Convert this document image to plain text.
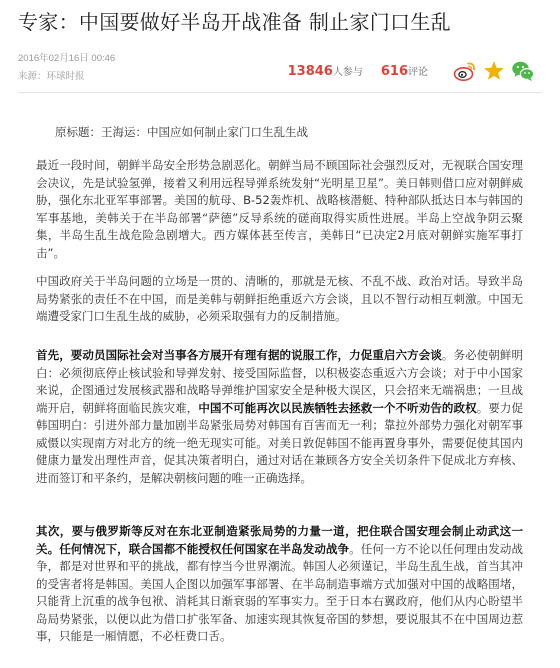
专家：中国要做好半岛开战准备 制止家门口生乱
2016年02月16日 00:46
来源：环球时报	13846人参与 616评论
原标题：王海运：中国应如何制止家门口生乱生战

最近一段时间，朝鲜半岛安全形势急剧恶化。朝鲜当局不顾国际社会强烈反对，无视联合国安理会决议，先是试验氢弹，接着又利用远程导弹系统发射“光明星卫星”。美日韩则借口应对朝鲜威胁，强化东北亚军事部署。美国的航母、B-52轰炸机、战略核潜艇、特种部队抵达日本与韩国的军事基地，美韩关于在半岛部署“萨德”反导系统的磋商取得实质性进展。半岛上空战争阴云聚集，半岛生乱生战危险急剧增大。西方媒体甚至传言，美韩日“已决定2月底对朝鲜实施军事打击”。

中国政府关于半岛问题的立场是一贯的、清晰的，那就是无核、不乱不战、政治对话。导致半岛局势紧张的责任不在中国，而是美韩与朝鲜拒绝重返六方会谈，且以不智行动相互刺激。中国无端遭受家门口生乱生战的威胁，必须采取强有力的反制措施。

首先，要动员国际社会对当事各方展开有理有据的说服工作，力促重启六方会谈。务必使朝鲜明白：必须彻底停止核试验和导弹发射、接受国际监督，以积极姿态重返六方会谈；对于中小国家来说，企图通过发展核武器和战略导弹维护国家安全是种极大误区，只会招来无端祸患；一旦战端开启，朝鲜将面临民族灾难，中国不可能再次以民族牺牲去拯救一个不听劝告的政权。要力促韩国明白：引进外部力量加剧半岛紧张局势对韩国有百害而无一利；靠拉外部势力强化对朝军事威慑以实现南方对北方的统一绝无现实可能。对美日敦促韩国不能再置身事外，需要促使其国内健康力量发出理性声音，促其决策者明白，通过对话在兼顾各方安全关切条件下促成北方弃核、进而签订和平条约，是解决朝核问题的唯一正确选择。

其次，要与俄罗斯等反对在东北亚制造紧张局势的力量一道，把住联合国安理会制止动武这一关。任何情况下，联合国都不能授权任何国家在半岛发动战争。任何一方不论以任何理由发动战争，都是对世界和平的挑战，都有悖当今世界潮流。韩国人必须谨记，半岛生乱生战，首当其冲的受害者将是韩国。美国人企图以加强军事部署、在半岛制造事端方式加强对中国的战略围堵，只能背上沉重的战争包袱、消耗其日渐衰弱的军事实力。至于日本右翼政府，他们从内心盼望半岛局势紧张，以便以此为借口扩张军备、加速实现其恢复帝国的梦想，要说服其不在中国周边惹事，只能是一厢情愿，不必枉费口舌。
